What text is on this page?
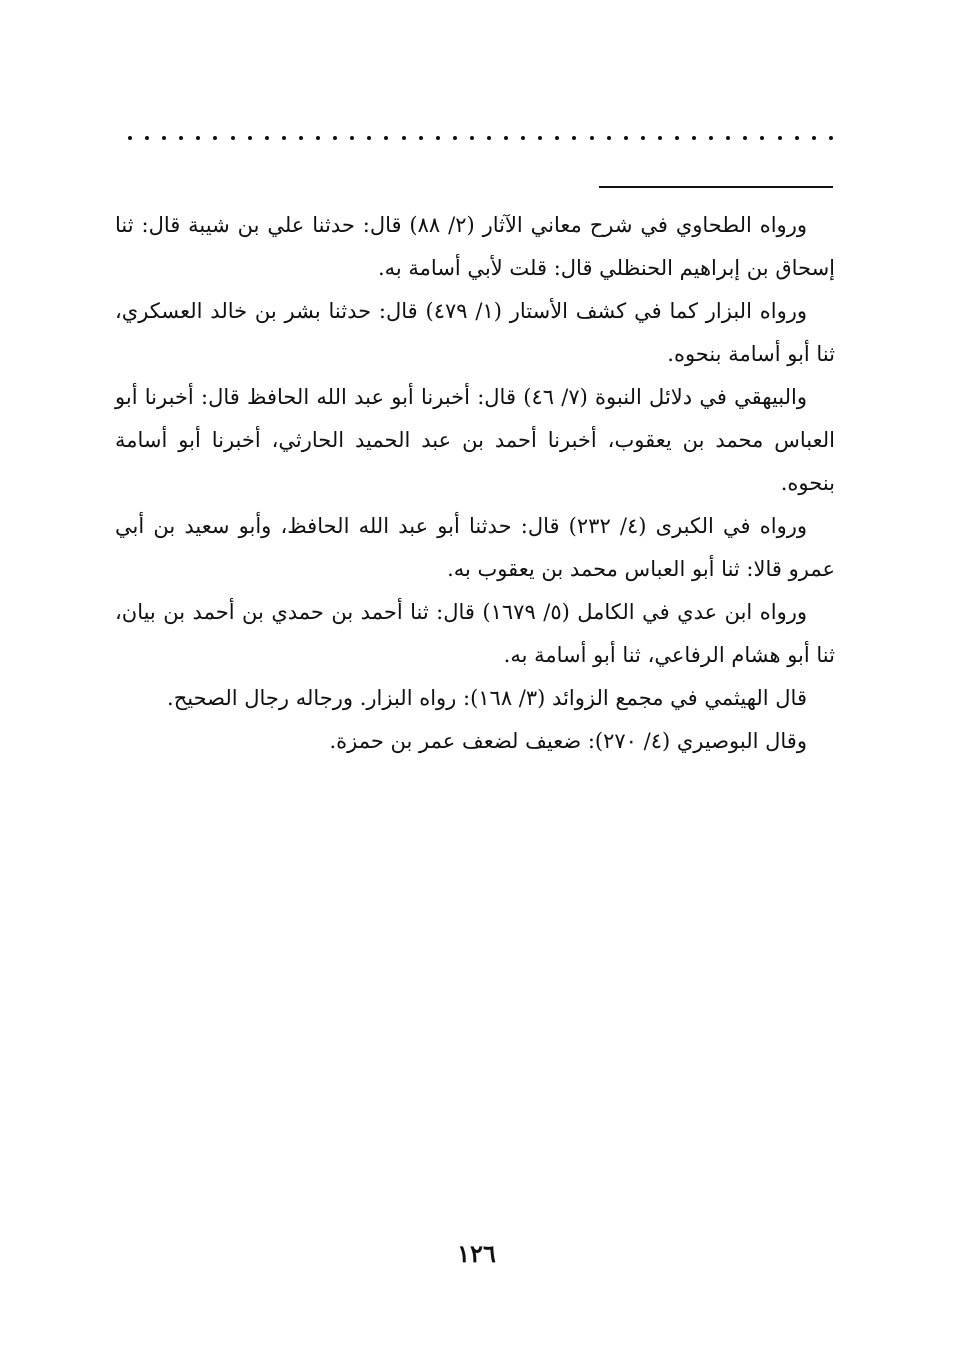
ورواه الطحاوي في شرح معاني الآثار (٢/ ٨٨) قال: حدثنا علي بن شيبة قال: ثنا إسحاق بن إبراهيم الحنظلي قال: قلت لأبي أسامة به.

ورواه البزار كما في كشف الأستار (١/ ٤٧٩) قال: حدثنا بشر بن خالد العسكري، ثنا أبو أسامة بنحوه.

والبيهقي في دلائل النبوة (٧/ ٤٦) قال: أخبرنا أبو عبد الله الحافظ قال: أخبرنا أبو العباس محمد بن يعقوب، أخبرنا أحمد بن عبد الحميد الحارثي، أخبرنا أبو أسامة بنحوه.

ورواه في الكبرى (٤/ ٢٣٢) قال: حدثنا أبو عبد الله الحافظ، وأبو سعيد بن أبي عمرو قالا: ثنا أبو العباس محمد بن يعقوب به.

ورواه ابن عدي في الكامل (٥/ ١٦٧٩) قال: ثنا أحمد بن حمدي بن أحمد بن بيان، ثنا أبو هشام الرفاعي، ثنا أبو أسامة به.

قال الهيثمي في مجمع الزوائد (٣/ ١٦٨): رواه البزار. ورجاله رجال الصحيح.

وقال البوصيري (٤/ ٢٧٠): ضعيف لضعف عمر بن حمزة.

١٢٦
